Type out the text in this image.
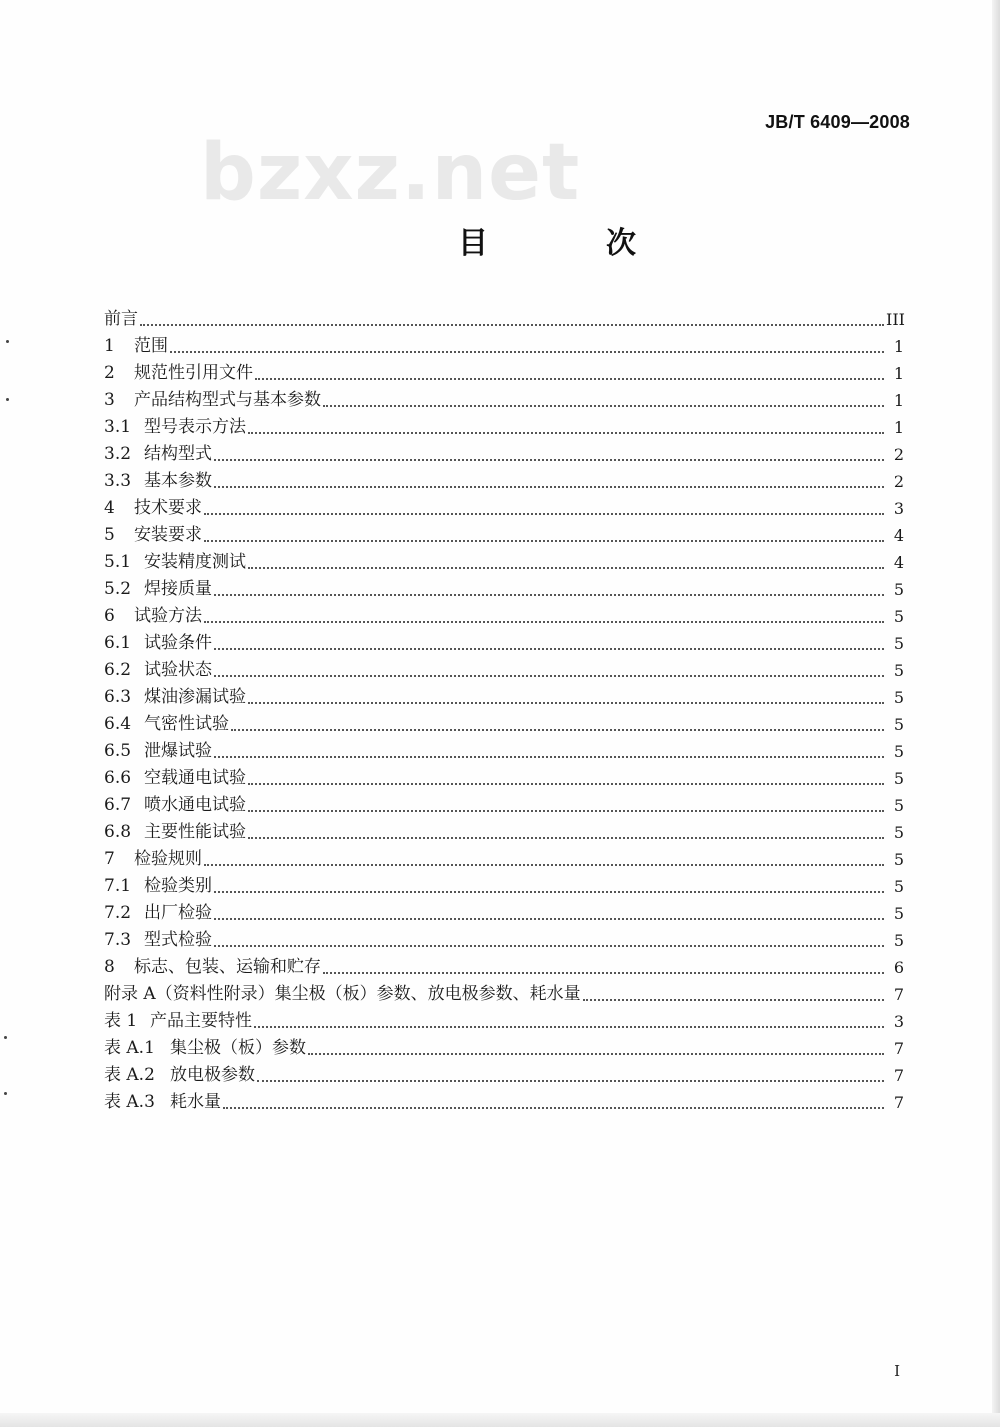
bzxz.net
JB/T 6409—2008
目　次
前言	III
1	范围	1
2	规范性引用文件	1
3	产品结构型式与基本参数	1
3.1 型号表示方法	1
3.2 结构型式	2
3.3 基本参数	2
4	技术要求	3
5	安装要求	4
5.1 安装精度测试	4
5.2 焊接质量	5
6	试验方法	5
6.1 试验条件	5
6.2 试验状态	5
6.3 煤油渗漏试验	5
6.4 气密性试验	5
6.5 泄爆试验	5
6.6 空载通电试验	5
6.7 喷水通电试验	5
6.8 主要性能试验	5
7	检验规则	5
7.1 检验类别	5
7.2 出厂检验	5
7.3 型式检验	5
8	标志、包装、运输和贮存	6
附录 A（资料性附录）集尘极（板）参数、放电极参数、耗水量	7
表 1 产品主要特性	3
表 A.1 集尘极（板）参数	7
表 A.2 放电极参数	7
表 A.3 耗水量	7
I
